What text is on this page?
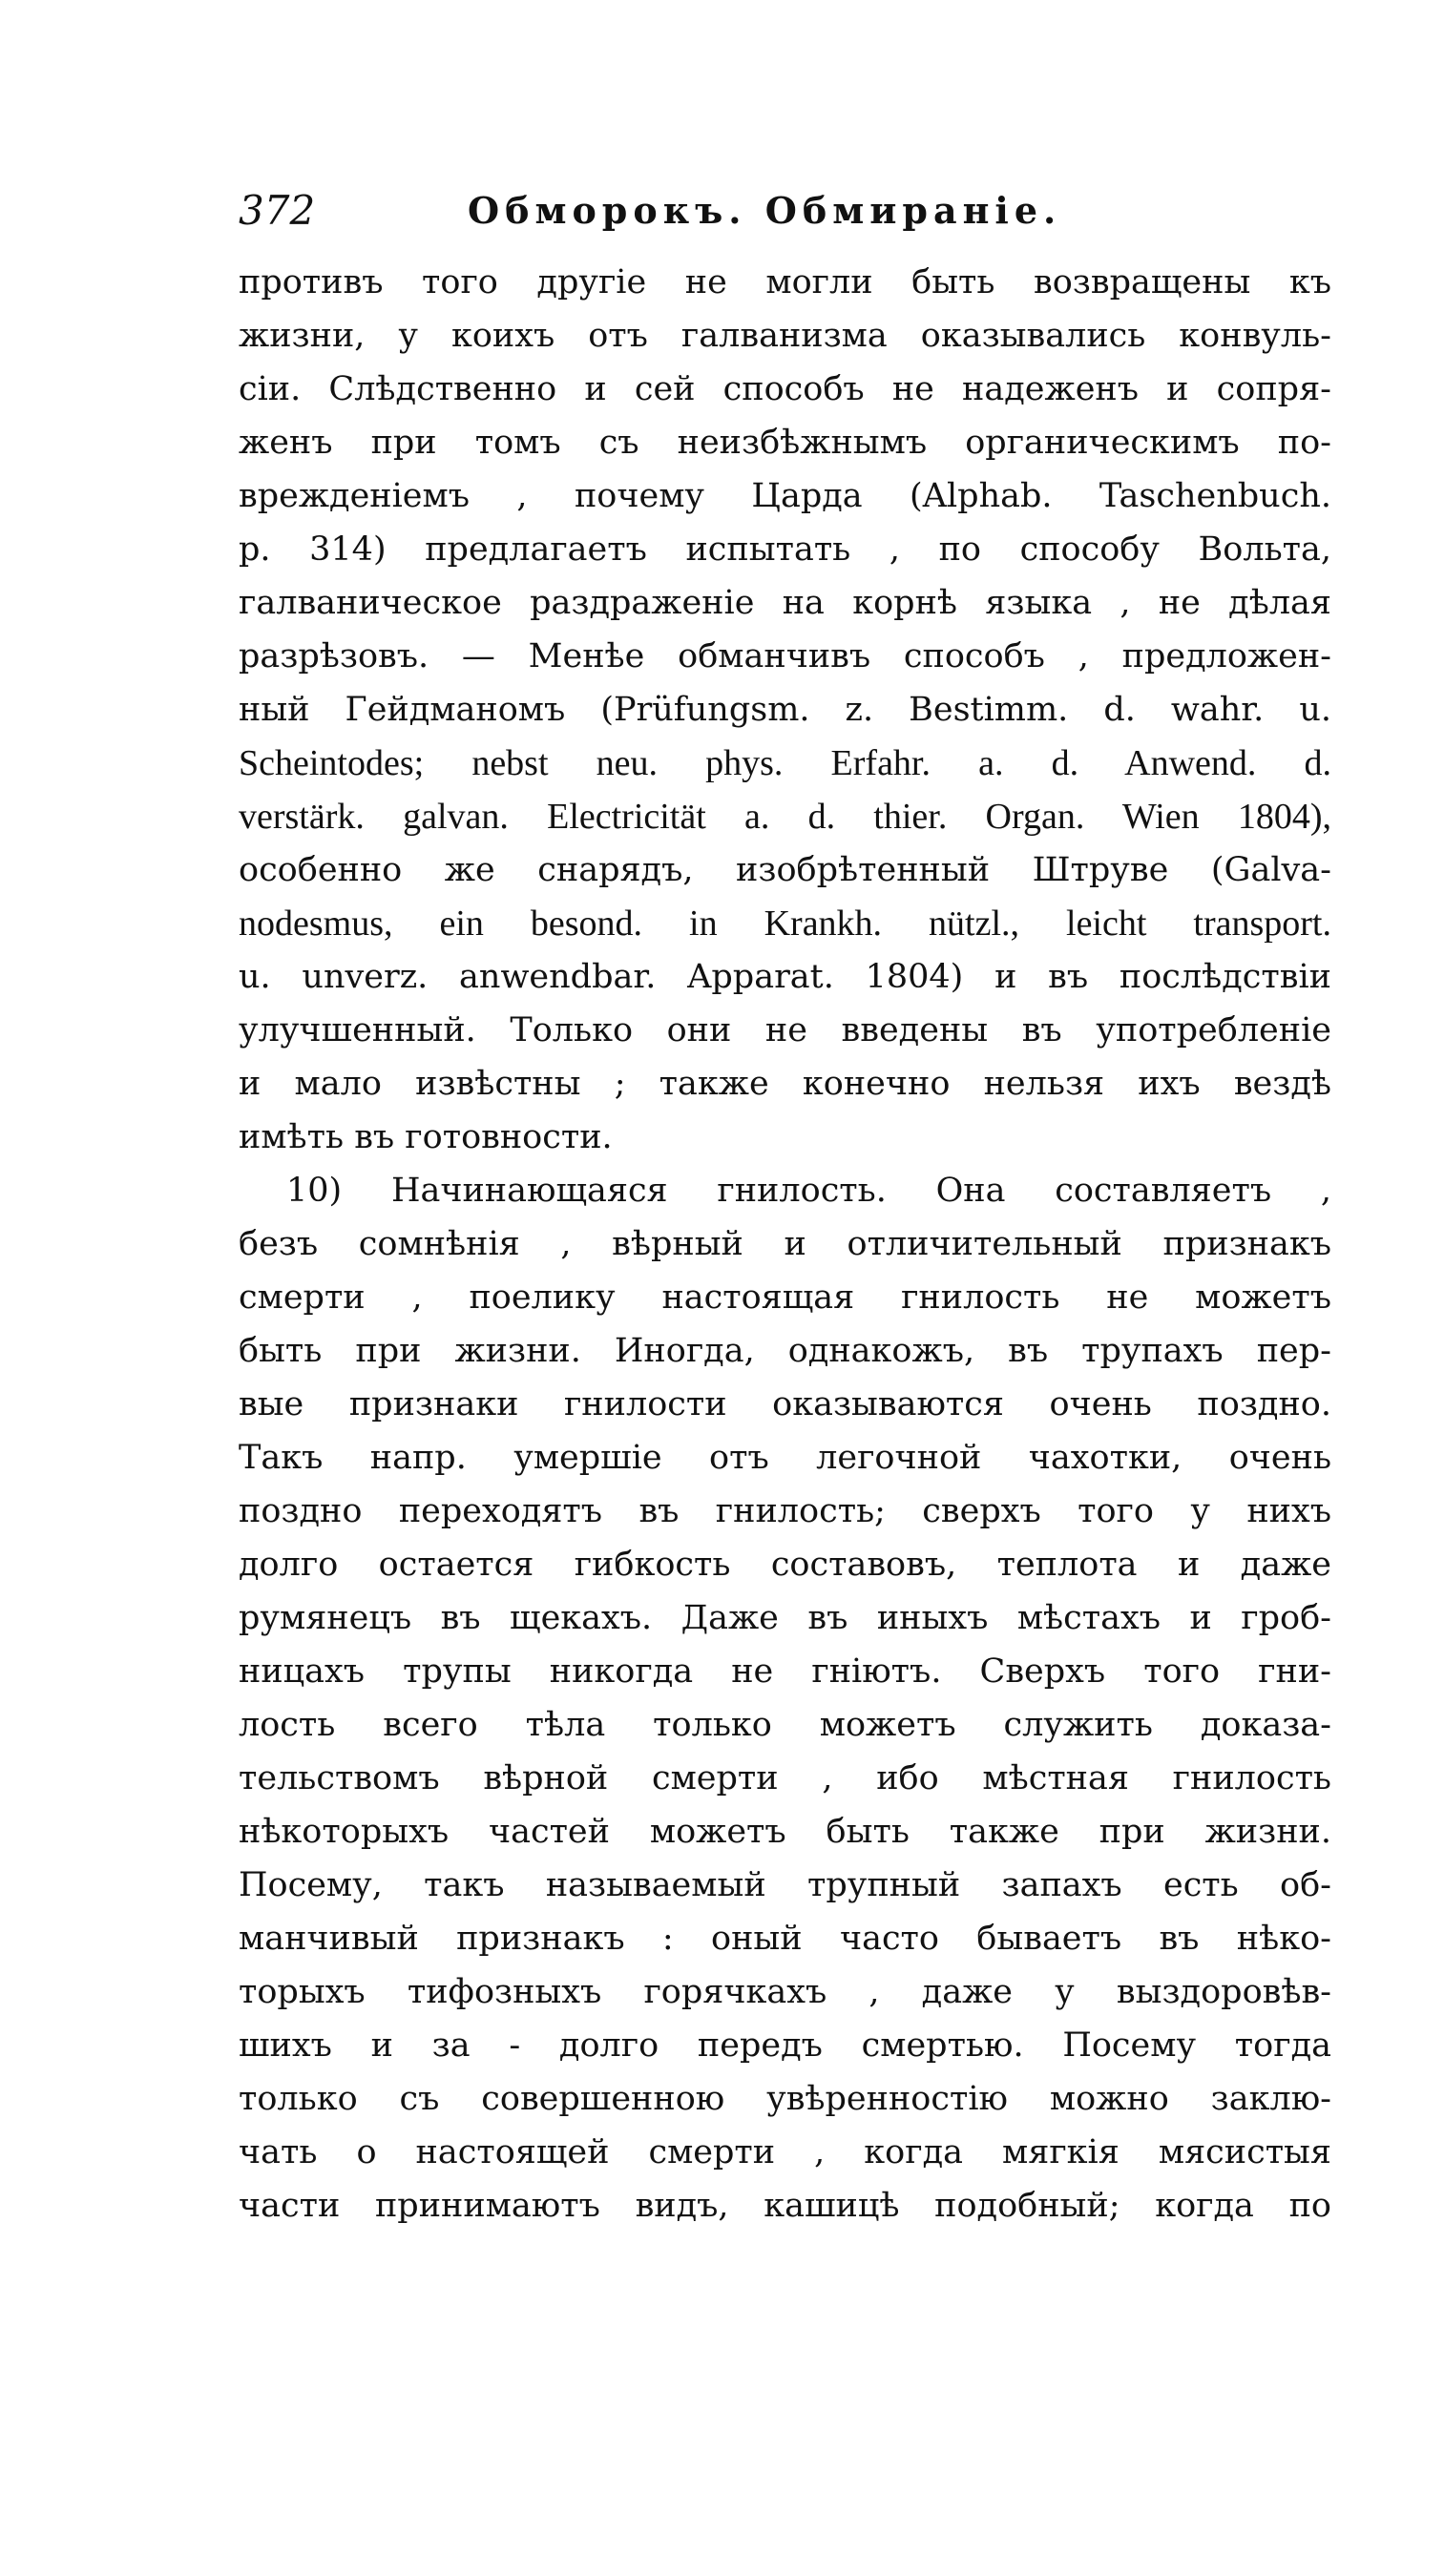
372	Обморокъ. Обмиранiе.
противъ того другiе не могли быть возвращены къ
жизни, у коихъ отъ галванизма оказывались конвуль-
сiи. Слѣдственно и сей способъ не надеженъ и сопря-
женъ при томъ съ неизбѣжнымъ органическимъ по-
врежденiемъ , почему Царда (Alphab. Taschenbuch.
p. 314) предлагаетъ испытать , по способу Вольта,
галваническое раздраженiе на корнѣ языка , не дѣлая
разрѣзовъ. — Менѣе обманчивъ способъ , предложен-
ный Гейдманомъ (Prüfungsm. z. Bestimm. d. wahr. u.
Scheintodes; nebst neu. phys. Erfahr. a. d. Anwend. d.
verstärk. galvan. Electricität a. d. thier. Organ. Wien 1804),
особенно же снарядъ, изобрѣтенный Штруве (Galva-
nodesmus, ein besond. in Krankh. nützl., leicht transport.
u. unverz. anwendbar. Apparat. 1804) и въ послѣдствiи
улучшенный. Только они не введены въ употребленiе
и мало извѣстны ; также конечно нельзя ихъ вездѣ
имѣть въ готовности.
10) Начинающаяся гнилость. Она составляетъ ,
безъ сомнѣнiя , вѣрный и отличительный признакъ
смерти , поелику настоящая гнилость не можетъ
быть при жизни. Иногда, однакожъ, въ трупахъ пер-
вые признаки гнилости оказываются очень поздно.
Такъ напр. умершiе отъ легочной чахотки, очень
поздно переходятъ въ гнилость; сверхъ того у нихъ
долго остается гибкость составовъ, теплота и даже
румянецъ въ щекахъ. Даже въ иныхъ мѣстахъ и гроб-
ницахъ трупы никогда не гнiютъ. Сверхъ того гни-
лость всего тѣла только можетъ служить доказа-
тельствомъ вѣрной смерти , ибо мѣстная гнилость
нѣкоторыхъ частей можетъ быть также при жизни.
Посему, такъ называемый трупный запахъ есть об-
манчивый признакъ : оный часто бываетъ въ нѣко-
торыхъ тифозныхъ горячкахъ , даже у выздоровѣв-
шихъ и за - долго передъ смертью. Посему тогда
только съ совершенною увѣренностiю можно заклю-
чать о настоящей смерти , когда мягкiя мясистыя
части принимаютъ видъ, кашицѣ подобный; когда по
